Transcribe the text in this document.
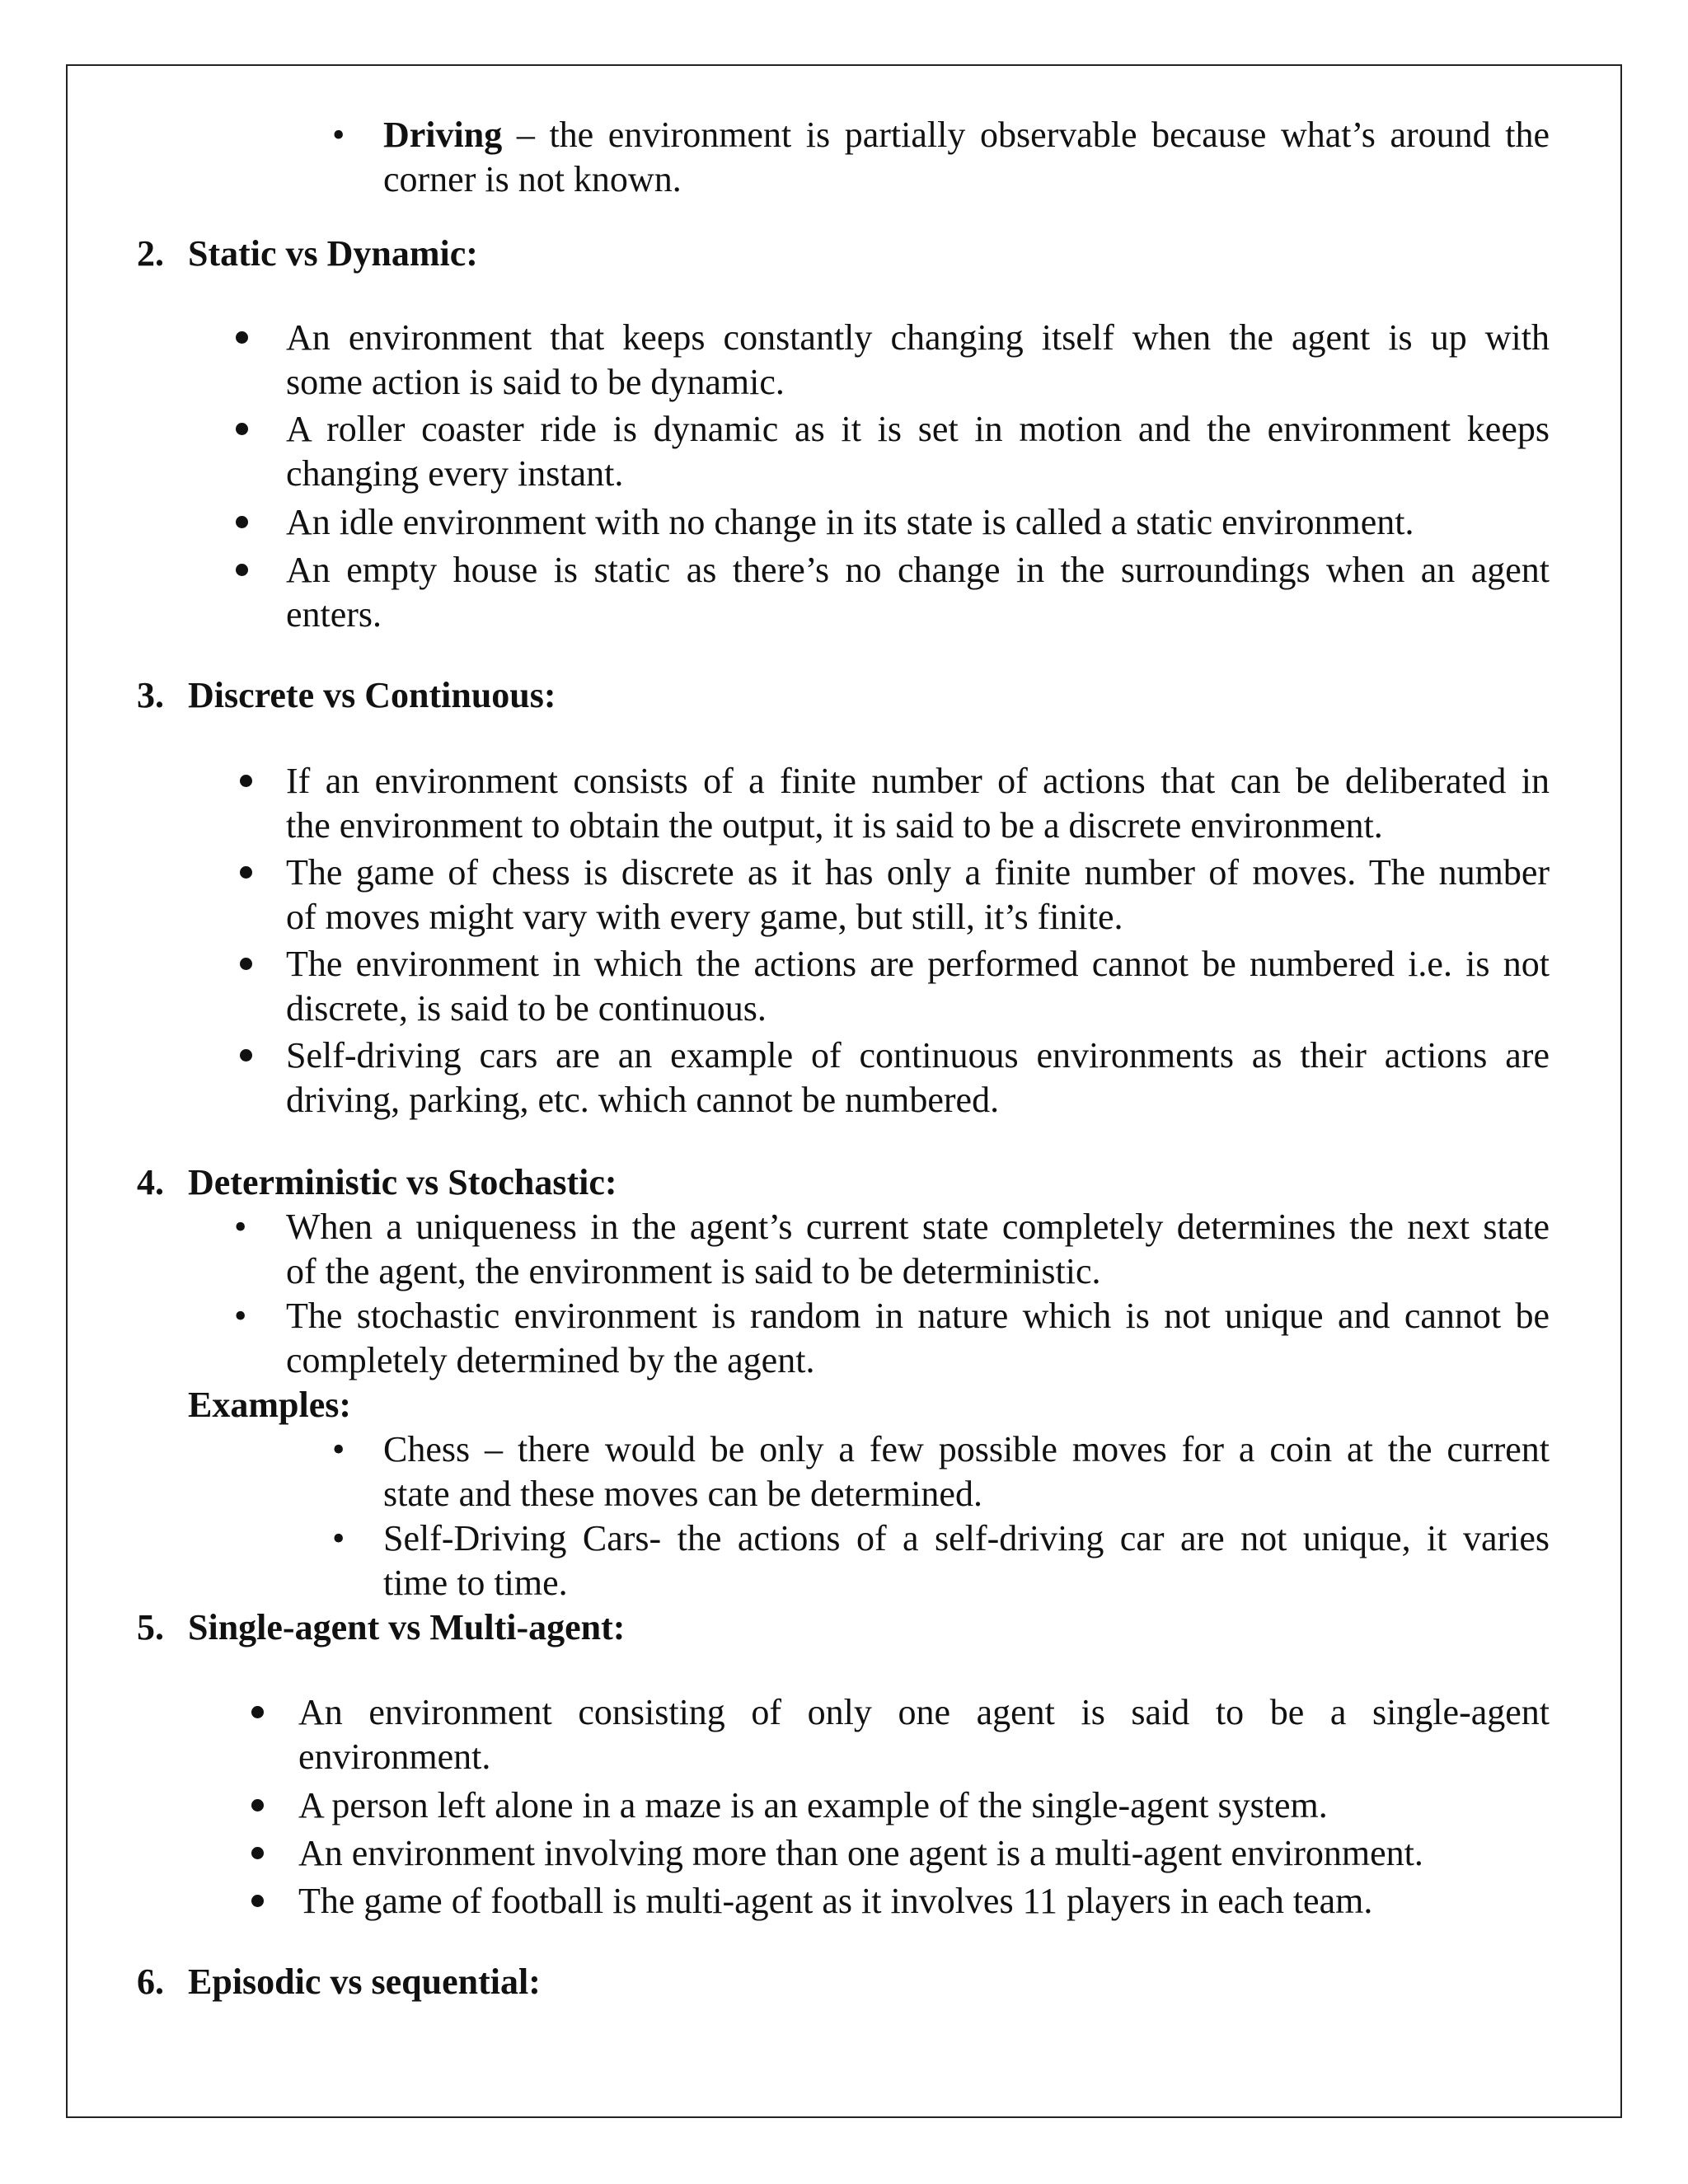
• Driving – the environment is partially observable because what’s around the
corner is not known.
2. Static vs Dynamic:
An environment that keeps constantly changing itself when the agent is up with
some action is said to be dynamic.
A roller coaster ride is dynamic as it is set in motion and the environment keeps
changing every instant.
An idle environment with no change in its state is called a static environment.
An empty house is static as there’s no change in the surroundings when an agent
enters.
3. Discrete vs Continuous:
If an environment consists of a finite number of actions that can be deliberated in
the environment to obtain the output, it is said to be a discrete environment.
The game of chess is discrete as it has only a finite number of moves. The number
of moves might vary with every game, but still, it’s finite.
The environment in which the actions are performed cannot be numbered i.e. is not
discrete, is said to be continuous.
Self-driving cars are an example of continuous environments as their actions are
driving, parking, etc. which cannot be numbered.
4. Deterministic vs Stochastic:
• When a uniqueness in the agent’s current state completely determines the next state
of the agent, the environment is said to be deterministic.
• The stochastic environment is random in nature which is not unique and cannot be
completely determined by the agent.
Examples:
• Chess – there would be only a few possible moves for a coin at the current
state and these moves can be determined.
• Self-Driving Cars- the actions of a self-driving car are not unique, it varies
time to time.
5. Single-agent vs Multi-agent:
An environment consisting of only one agent is said to be a single-agent
environment.
A person left alone in a maze is an example of the single-agent system.
An environment involving more than one agent is a multi-agent environment.
The game of football is multi-agent as it involves 11 players in each team.
6. Episodic vs sequential:
